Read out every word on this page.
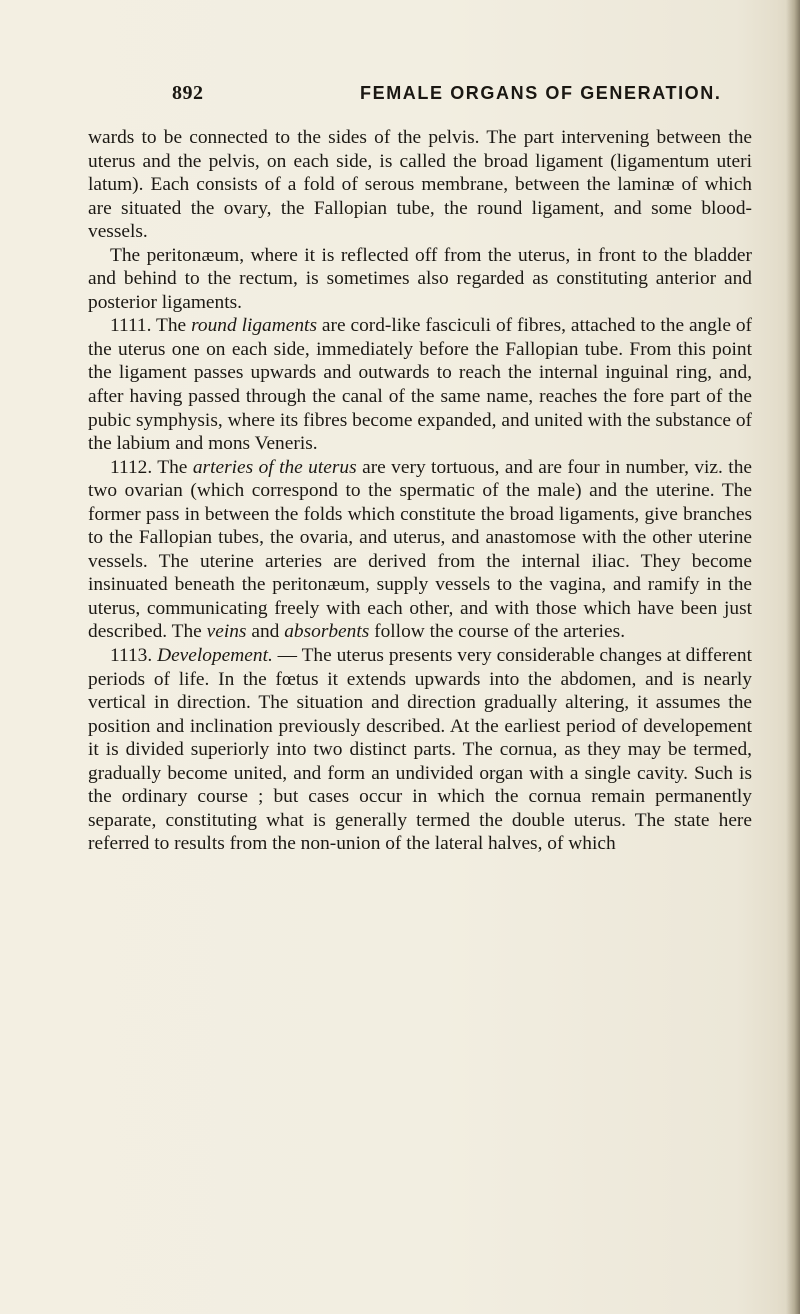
892	FEMALE ORGANS OF GENERATION.

wards to be connected to the sides of the pelvis. The part intervening between the uterus and the pelvis, on each side, is called the broad ligament (ligamentum uteri latum). Each consists of a fold of serous membrane, between the laminæ of which are situated the ovary, the Fallopian tube, the round ligament, and some blood-vessels.

The peritonæum, where it is reflected off from the uterus, in front to the bladder and behind to the rectum, is sometimes also regarded as constituting anterior and posterior ligaments.

1111. The round ligaments are cord-like fasciculi of fibres, attached to the angle of the uterus one on each side, immediately before the Fallopian tube. From this point the ligament passes upwards and outwards to reach the internal inguinal ring, and, after having passed through the canal of the same name, reaches the fore part of the pubic symphysis, where its fibres become expanded, and united with the substance of the labium and mons Veneris.

1112. The arteries of the uterus are very tortuous, and are four in number, viz. the two ovarian (which correspond to the spermatic of the male) and the uterine. The former pass in between the folds which constitute the broad ligaments, give branches to the Fallopian tubes, the ovaria, and uterus, and anastomose with the other uterine vessels. The uterine arteries are derived from the internal iliac. They become insinuated beneath the peritonæum, supply vessels to the vagina, and ramify in the uterus, communicating freely with each other, and with those which have been just described. The veins and absorbents follow the course of the arteries.

1113. Developement. — The uterus presents very considerable changes at different periods of life. In the fœtus it extends upwards into the abdomen, and is nearly vertical in direction. The situation and direction gradually altering, it assumes the position and inclination previously described. At the earliest period of developement it is divided superiorly into two distinct parts. The cornua, as they may be termed, gradually become united, and form an undivided organ with a single cavity. Such is the ordinary course ; but cases occur in which the cornua remain permanently separate, constituting what is generally termed the double uterus. The state here referred to results from the non-union of the lateral halves, of which
